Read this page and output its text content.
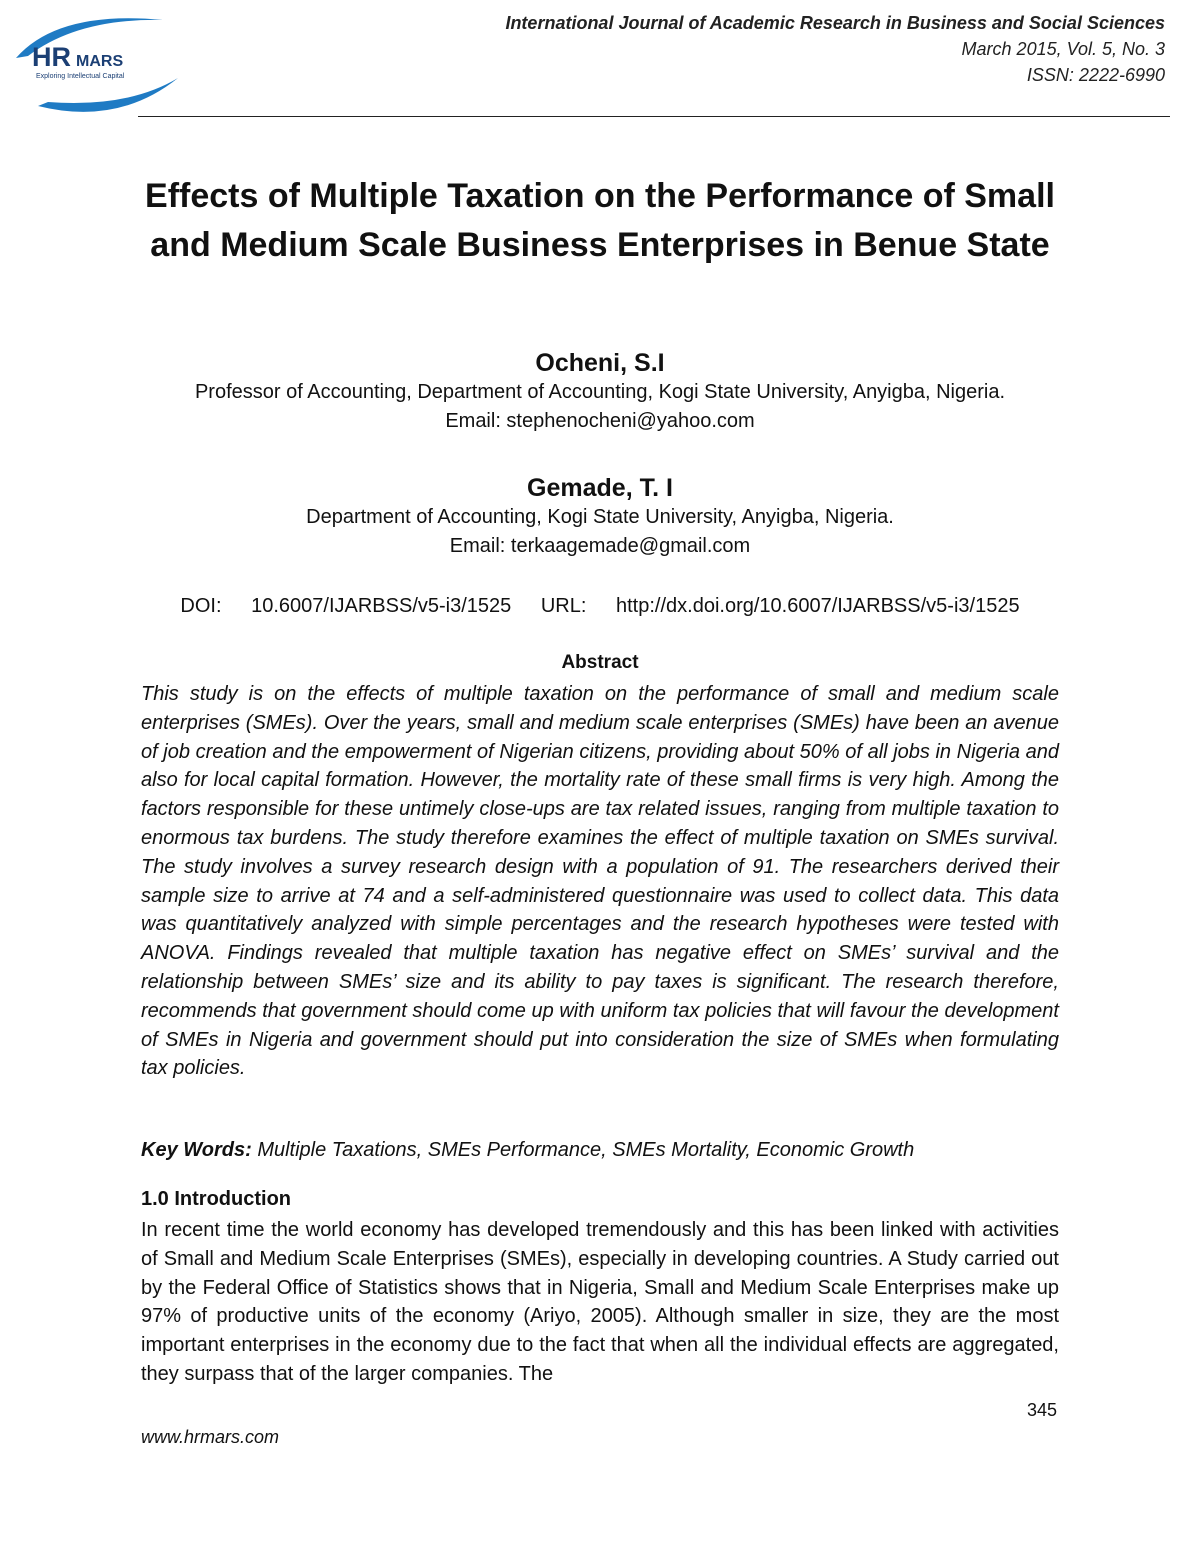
HR MARS
Exploring Intellectual Capital
International Journal of Academic Research in Business and Social Sciences
March 2015, Vol. 5, No. 3
ISSN: 2222-6990
Effects of Multiple Taxation on the Performance of Small and Medium Scale Business Enterprises in Benue State
Ocheni, S.I
Professor of Accounting, Department of Accounting, Kogi State University, Anyigba, Nigeria.
Email: stephenocheni@yahoo.com
Gemade, T. I
Department of Accounting, Kogi State University, Anyigba, Nigeria.
Email: terkaagemade@gmail.com
DOI: 10.6007/IJARBSS/v5-i3/1525 URL: http://dx.doi.org/10.6007/IJARBSS/v5-i3/1525
Abstract

This study is on the effects of multiple taxation on the performance of small and medium scale enterprises (SMEs). Over the years, small and medium scale enterprises (SMEs) have been an avenue of job creation and the empowerment of Nigerian citizens, providing about 50% of all jobs in Nigeria and also for local capital formation. However, the mortality rate of these small firms is very high. Among the factors responsible for these untimely close-ups are tax related issues, ranging from multiple taxation to enormous tax burdens. The study therefore examines the effect of multiple taxation on SMEs survival. The study involves a survey research design with a population of 91. The researchers derived their sample size to arrive at 74 and a self-administered questionnaire was used to collect data. This data was quantitatively analyzed with simple percentages and the research hypotheses were tested with ANOVA. Findings revealed that multiple taxation has negative effect on SMEs’ survival and the relationship between SMEs’ size and its ability to pay taxes is significant. The research therefore, recommends that government should come up with uniform tax policies that will favour the development of SMEs in Nigeria and government should put into consideration the size of SMEs when formulating tax policies.

Key Words: Multiple Taxations, SMEs Performance, SMEs Mortality, Economic Growth
1.0 Introduction

In recent time the world economy has developed tremendously and this has been linked with activities of Small and Medium Scale Enterprises (SMEs), especially in developing countries. A Study carried out by the Federal Office of Statistics shows that in Nigeria, Small and Medium Scale Enterprises make up 97% of productive units of the economy (Ariyo, 2005). Although smaller in size, they are the most important enterprises in the economy due to the fact that when all the individual effects are aggregated, they surpass that of the larger companies. The

345
www.hrmars.com
